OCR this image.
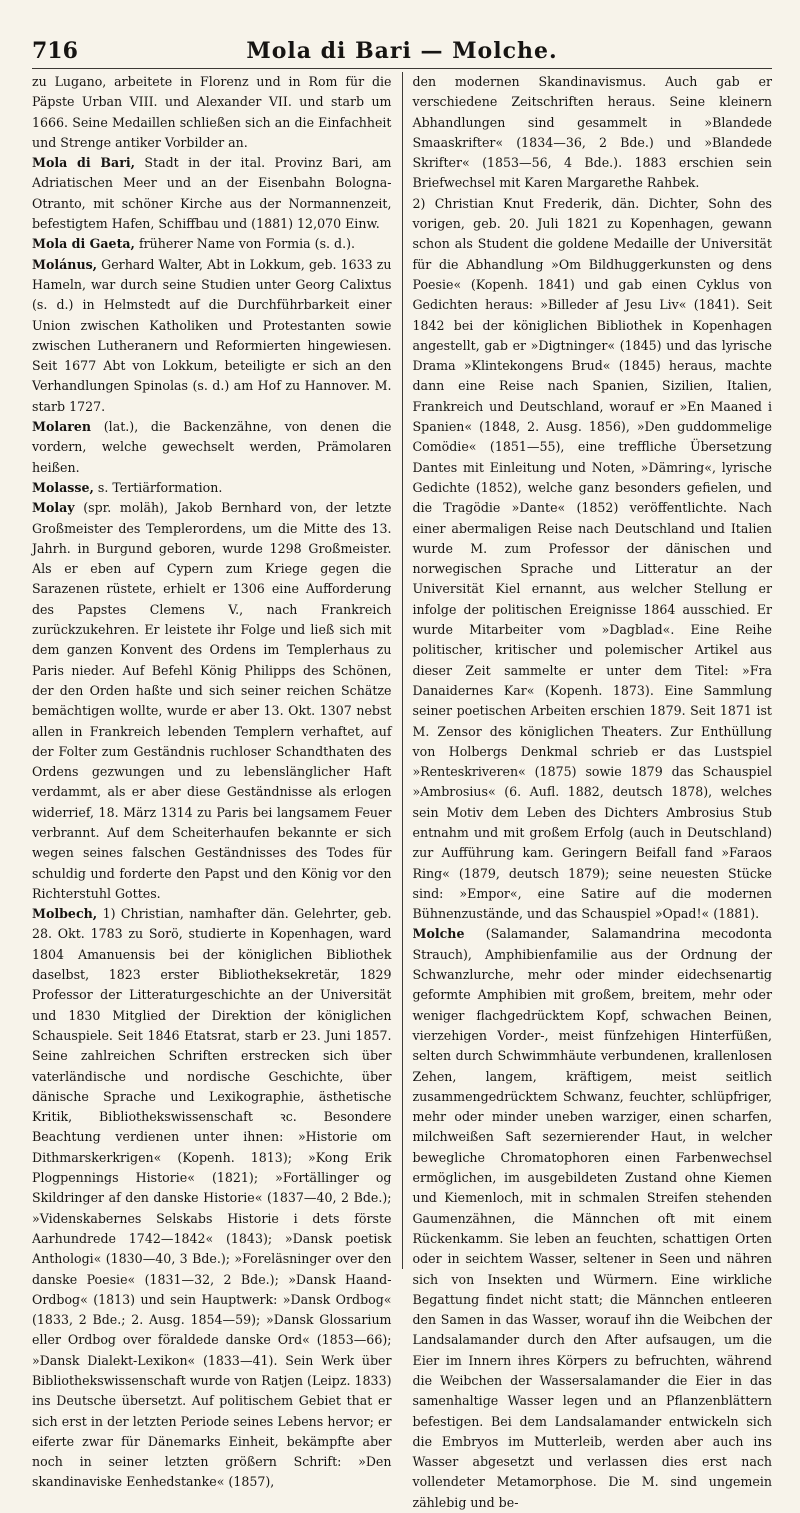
716	Mola di Bari — Molche.

zu Lugano, arbeitete in Florenz und in Rom für die Päpste Urban VIII. und Alexander VII. und starb um 1666. Seine Medaillen schließen sich an die Einfachheit und Strenge antiker Vorbilder an.

Mola di Bari, Stadt in der ital. Provinz Bari, am Adriatischen Meer und an der Eisenbahn Bologna-Otranto, mit schöner Kirche aus der Normannenzeit, befestigtem Hafen, Schiffbau und (1881) 12,070 Einw.

Mola di Gaeta, früherer Name von Formia (s. d.).

Molánus, Gerhard Walter, Abt in Lokkum, geb. 1633 zu Hameln, war durch seine Studien unter Georg Calixtus (s. d.) in Helmstedt auf die Durchführbarkeit einer Union zwischen Katholiken und Protestanten sowie zwischen Lutheranern und Reformierten hingewiesen. Seit 1677 Abt von Lokkum, beteiligte er sich an den Verhandlungen Spinolas (s. d.) am Hof zu Hannover. M. starb 1727.

Molaren (lat.), die Backenzähne, von denen die vordern, welche gewechselt werden, Prämolaren heißen.

Molasse, s. Tertiärformation.

Molay (spr. moläh), Jakob Bernhard von, der letzte Großmeister des Templerordens, um die Mitte des 13. Jahrh. in Burgund geboren, wurde 1298 Großmeister. Als er eben auf Cypern zum Kriege gegen die Sarazenen rüstete, erhielt er 1306 eine Aufforderung des Papstes Clemens V., nach Frankreich zurückzukehren. Er leistete ihr Folge und ließ sich mit dem ganzen Konvent des Ordens im Templerhaus zu Paris nieder. Auf Befehl König Philipps des Schönen, der den Orden haßte und sich seiner reichen Schätze bemächtigen wollte, wurde er aber 13. Okt. 1307 nebst allen in Frankreich lebenden Templern verhaftet, auf der Folter zum Geständnis ruchloser Schandthaten des Ordens gezwungen und zu lebenslänglicher Haft verdammt, als er aber diese Geständnisse als erlogen widerrief, 18. März 1314 zu Paris bei langsamem Feuer verbrannt. Auf dem Scheiterhaufen bekannte er sich wegen seines falschen Geständnisses des Todes für schuldig und forderte den Papst und den König vor den Richterstuhl Gottes.

Molbech, 1) Christian, namhafter dän. Gelehrter, geb. 28. Okt. 1783 zu Sorö, studierte in Kopenhagen, ward 1804 Amanuensis bei der königlichen Bibliothek daselbst, 1823 erster Bibliotheksekretär, 1829 Professor der Litteraturgeschichte an der Universität und 1830 Mitglied der Direktion der königlichen Schauspiele. Seit 1846 Etatsrat, starb er 23. Juni 1857. Seine zahlreichen Schriften erstrecken sich über vaterländische und nordische Geschichte, über dänische Sprache und Lexikographie, ästhetische Kritik, Bibliothekswissenschaft ꝛc. Besondere Beachtung verdienen unter ihnen: »Historie om Dithmarskerkrigen« (Kopenh. 1813); »Kong Erik Plogpennings Historie« (1821); »Fortällinger og Skildringer af den danske Historie« (1837—40, 2 Bde.); »Videnskabernes Selskabs Historie i dets förste Aarhundrede 1742—1842« (1843); »Dansk poetisk Anthologi« (1830—40, 3 Bde.); »Foreläsninger over den danske Poesie« (1831—32, 2 Bde.); »Dansk Haand-Ordbog« (1813) und sein Hauptwerk: »Dansk Ordbog« (1833, 2 Bde.; 2. Ausg. 1854—59); »Dansk Glossarium eller Ordbog over föraldede danske Ord« (1853—66); »Dansk Dialekt-Lexikon« (1833—41). Sein Werk über Bibliothekswissenschaft wurde von Ratjen (Leipz. 1833) ins Deutsche übersetzt. Auf politischem Gebiet that er sich erst in der letzten Periode seines Lebens hervor; er eiferte zwar für Dänemarks Einheit, bekämpfte aber noch in seiner letzten größern Schrift: »Den skandinaviske Eenhedstanke« (1857),

den modernen Skandinavismus. Auch gab er verschiedene Zeitschriften heraus. Seine kleinern Abhandlungen sind gesammelt in »Blandede Smaaskrifter« (1834—36, 2 Bde.) und »Blandede Skrifter« (1853—56, 4 Bde.). 1883 erschien sein Briefwechsel mit Karen Margarethe Rahbek.

2) Christian Knut Frederik, dän. Dichter, Sohn des vorigen, geb. 20. Juli 1821 zu Kopenhagen, gewann schon als Student die goldene Medaille der Universität für die Abhandlung »Om Bildhuggerkunsten og dens Poesie« (Kopenh. 1841) und gab einen Cyklus von Gedichten heraus: »Billeder af Jesu Liv« (1841). Seit 1842 bei der königlichen Bibliothek in Kopenhagen angestellt, gab er »Digtninger« (1845) und das lyrische Drama »Klintekongens Brud« (1845) heraus, machte dann eine Reise nach Spanien, Sizilien, Italien, Frankreich und Deutschland, worauf er »En Maaned i Spanien« (1848, 2. Ausg. 1856), »Den guddommelige Comödie« (1851—55), eine treffliche Übersetzung Dantes mit Einleitung und Noten, »Dämring«, lyrische Gedichte (1852), welche ganz besonders gefielen, und die Tragödie »Dante« (1852) veröffentlichte. Nach einer abermaligen Reise nach Deutschland und Italien wurde M. zum Professor der dänischen und norwegischen Sprache und Litteratur an der Universität Kiel ernannt, aus welcher Stellung er infolge der politischen Ereignisse 1864 ausschied. Er wurde Mitarbeiter vom »Dagblad«. Eine Reihe politischer, kritischer und polemischer Artikel aus dieser Zeit sammelte er unter dem Titel: »Fra Danaidernes Kar« (Kopenh. 1873). Eine Sammlung seiner poetischen Arbeiten erschien 1879. Seit 1871 ist M. Zensor des königlichen Theaters. Zur Enthüllung von Holbergs Denkmal schrieb er das Lustspiel »Renteskriveren« (1875) sowie 1879 das Schauspiel »Ambrosius« (6. Aufl. 1882, deutsch 1878), welches sein Motiv dem Leben des Dichters Ambrosius Stub entnahm und mit großem Erfolg (auch in Deutschland) zur Aufführung kam. Geringern Beifall fand »Faraos Ring« (1879, deutsch 1879); seine neuesten Stücke sind: »Empor«, eine Satire auf die modernen Bühnenzustände, und das Schauspiel »Opad!« (1881).

Molche (Salamander, Salamandrina mecodonta Strauch), Amphibienfamilie aus der Ordnung der Schwanzlurche, mehr oder minder eidechsenartig geformte Amphibien mit großem, breitem, mehr oder weniger flachgedrücktem Kopf, schwachen Beinen, vierzehigen Vorder-, meist fünfzehigen Hinterfüßen, selten durch Schwimmhäute verbundenen, krallenlosen Zehen, langem, kräftigem, meist seitlich zusammengedrücktem Schwanz, feuchter, schlüpfriger, mehr oder minder uneben warziger, einen scharfen, milchweißen Saft sezernierender Haut, in welcher bewegliche Chromatophoren einen Farbenwechsel ermöglichen, im ausgebildeten Zustand ohne Kiemen und Kiemenloch, mit in schmalen Streifen stehenden Gaumenzähnen, die Männchen oft mit einem Rückenkamm. Sie leben an feuchten, schattigen Orten oder in seichtem Wasser, seltener in Seen und nähren sich von Insekten und Würmern. Eine wirkliche Begattung findet nicht statt; die Männchen entleeren den Samen in das Wasser, worauf ihn die Weibchen der Landsalamander durch den After aufsaugen, um die Eier im Innern ihres Körpers zu befruchten, während die Weibchen der Wassersalamander die Eier in das samenhaltige Wasser legen und an Pflanzenblättern befestigen. Bei dem Landsalamander entwickeln sich die Embryos im Mutterleib, werden aber auch ins Wasser abgesetzt und verlassen dies erst nach vollendeter Metamorphose. Die M. sind ungemein zählebig und be-
